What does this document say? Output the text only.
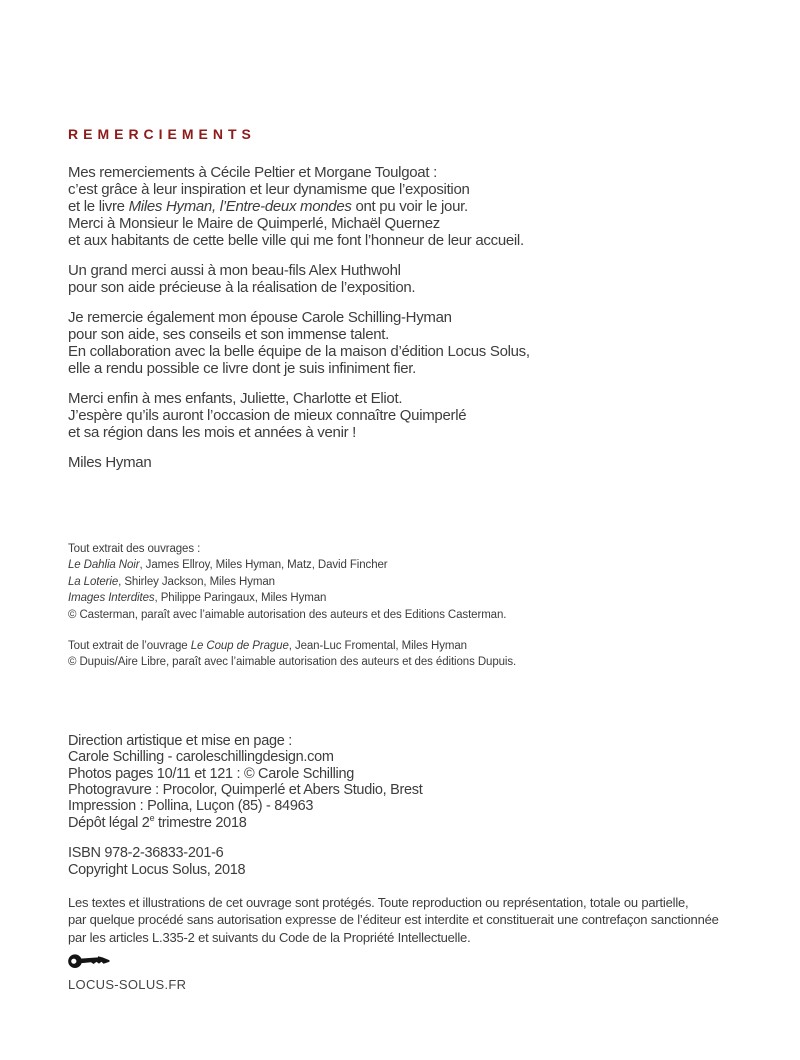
REMERCIEMENTS
Mes remerciements à Cécile Peltier et Morgane Toulgoat :
c’est grâce à leur inspiration et leur dynamisme que l’exposition
et le livre Miles Hyman, l’Entre-deux mondes ont pu voir le jour.
Merci à Monsieur le Maire de Quimperlé, Michaël Quernez
et aux habitants de cette belle ville qui me font l’honneur de leur accueil.
Un grand merci aussi à mon beau-fils Alex Huthwohl
pour son aide précieuse à la réalisation de l’exposition.
Je remercie également mon épouse Carole Schilling-Hyman
pour son aide, ses conseils et son immense talent.
En collaboration avec la belle équipe de la maison d’édition Locus Solus,
elle a rendu possible ce livre dont je suis infiniment fier.
Merci enfin à mes enfants, Juliette, Charlotte et Eliot.
J’espère qu’ils auront l’occasion de mieux connaître Quimperlé
et sa région dans les mois et années à venir !
Miles Hyman
Tout extrait des ouvrages :
Le Dahlia Noir, James Ellroy, Miles Hyman, Matz, David Fincher
La Loterie, Shirley Jackson, Miles Hyman
Images Interdites, Philippe Paringaux, Miles Hyman
© Casterman, paraît avec l’aimable autorisation des auteurs et des Editions Casterman.
Tout extrait de l’ouvrage Le Coup de Prague, Jean-Luc Fromental, Miles Hyman
© Dupuis/Aire Libre, paraît avec l’aimable autorisation des auteurs et des éditions Dupuis.
Direction artistique et mise en page :
Carole Schilling - caroleschillingdesign.com
Photos pages 10/11 et 121 : © Carole Schilling
Photogravure : Procolor, Quimperlé et Abers Studio, Brest
Impression : Pollina, Luçon (85) - 84963
Dépôt légal 2e trimestre 2018
ISBN 978-2-36833-201-6
Copyright Locus Solus, 2018
Les textes et illustrations de cet ouvrage sont protégés. Toute reproduction ou représentation, totale ou partielle,
par quelque procédé sans autorisation expresse de l’éditeur est interdite et constituerait une contrefaçon sanctionnée
par les articles L.335-2 et suivants du Code de la Propriété Intellectuelle.
LOCUS-SOLUS.FR
